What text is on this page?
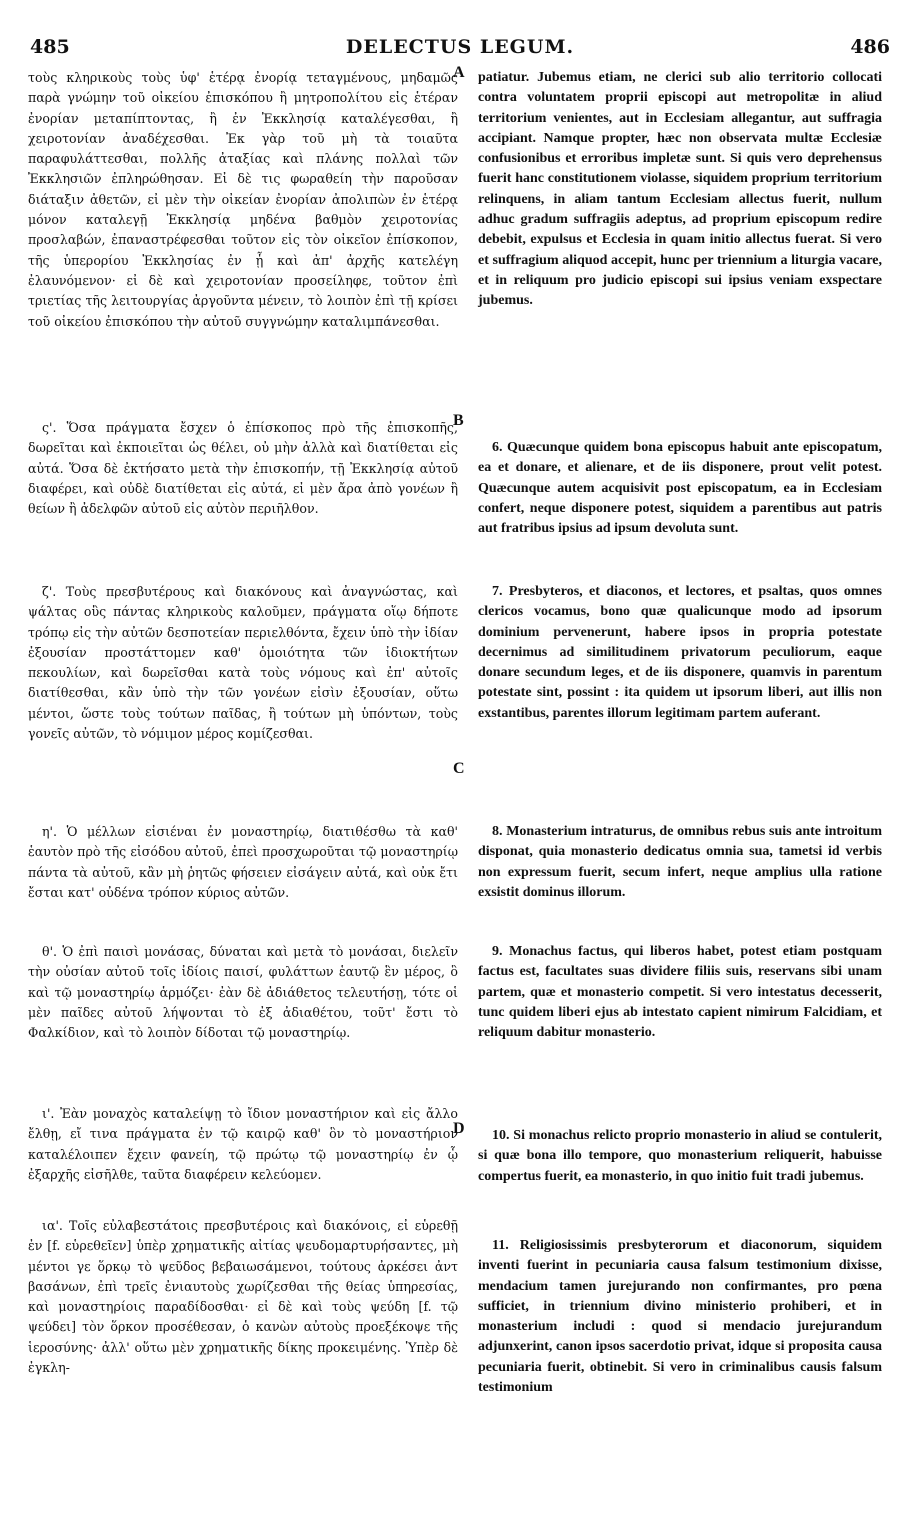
485	DELECTUS LEGUM.	486

τοὺς κληρικοὺς τοὺς ὑφ' ἑτέρᾳ ἐνορίᾳ τεταγμένους, μηδαμῶς παρὰ γνώμην τοῦ οἰκείου ἐπισκόπου ἢ μητροπολίτου εἰς ἑτέραν ἐνορίαν μεταπίπτοντας, ἢ ἐν Ἐκκλησίᾳ καταλέγεσθαι, ἢ χειροτονίαν ἀναδέχεσθαι. Ἐκ γὰρ τοῦ μὴ τὰ τοιαῦτα παραφυλάττεσθαι, πολλῆς ἀταξίας καὶ πλάνης πολλαὶ τῶν Ἐκκλησιῶν ἐπληρώθησαν. Εἰ δὲ τις φωραθείη τὴν παροῦσαν διάταξιν ἀθετῶν, εἰ μὲν τὴν οἰκείαν ἐνορίαν ἀπολιπὼν ἐν ἑτέρᾳ μόνον καταλεγῇ Ἐκκλησίᾳ μηδένα βαθμὸν χειροτονίας προσλαβών, ἐπαναστρέφεσθαι τοῦτον εἰς τὸν οἰκεῖον ἐπίσκοπον, τῆς ὑπερορίου Ἐκκλησίας ἐν ᾗ καὶ ἀπ' ἀρχῆς κατελέγη ἐλαυνόμενον· εἰ δὲ καὶ χειροτονίαν προσείληφε, τοῦτον ἐπὶ τριετίας τῆς λειτουργίας ἀργοῦντα μένειν, τὸ λοιπὸν ἐπὶ τῇ κρίσει τοῦ οἰκείου ἐπισκόπου τὴν αὐτοῦ συγγνώμην καταλιμπάνεσθαι.

ς'. Ὅσα πράγματα ἔσχεν ὁ ἐπίσκοπος πρὸ τῆς ἐπισκοπῆς, δωρεῖται καὶ ἐκποιεῖται ὡς θέλει, οὐ μὴν ἀλλὰ καὶ διατίθεται εἰς αὐτά. Ὅσα δὲ ἐκτήσατο μετὰ τὴν ἐπισκοπήν, τῇ Ἐκκλησίᾳ αὐτοῦ διαφέρει, καὶ οὐδὲ διατίθεται εἰς αὐτά, εἰ μὲν ἄρα ἀπὸ γονέων ἢ θείων ἢ ἀδελφῶν αὐτοῦ εἰς αὐτὸν περιῆλθον.

ζ'. Τοὺς πρεσβυτέρους καὶ διακόνους καὶ ἀναγνώστας, καὶ ψάλτας οὓς πάντας κληρικοὺς καλοῦμεν, πράγματα οἵῳ δήποτε τρόπῳ εἰς τὴν αὐτῶν δεσποτείαν περιελθόντα, ἔχειν ὑπὸ τὴν ἰδίαν ἐξουσίαν προστάττομεν καθ' ὁμοιότητα τῶν ἰδιοκτήτων πεκουλίων, καὶ δωρεῖσθαι κατὰ τοὺς νόμους καὶ ἐπ' αὐτοῖς διατίθεσθαι, κἂν ὑπὸ τὴν τῶν γονέων εἰσὶν ἐξουσίαν, οὕτω μέντοι, ὥστε τοὺς τούτων παῖδας, ἢ τούτων μὴ ὑπόντων, τοὺς γονεῖς αὐτῶν, τὸ νόμιμον μέρος κομίζεσθαι.

η'. Ὁ μέλλων εἰσιέναι ἐν μοναστηρίῳ, διατιθέσθω τὰ καθ' ἑαυτὸν πρὸ τῆς εἰσόδου αὐτοῦ, ἐπεὶ προσχωροῦται τῷ μοναστηρίῳ πάντα τὰ αὐτοῦ, κἂν μὴ ῥητῶς φήσειεν εἰσάγειν αὐτά, καὶ οὐκ ἔτι ἔσται κατ' οὐδένα τρόπον κύριος αὐτῶν.

θ'. Ὁ ἐπὶ παισὶ μονάσας, δύναται καὶ μετὰ τὸ μονάσαι, διελεῖν τὴν οὐσίαν αὐτοῦ τοῖς ἰδίοις παισί, φυλάττων ἑαυτῷ ἓν μέρος, ὃ καὶ τῷ μοναστηρίῳ ἁρμόζει· ἐὰν δὲ ἀδιάθετος τελευτήσῃ, τότε οἱ μὲν παῖδες αὐτοῦ λήψονται τὸ ἐξ ἀδιαθέτου, τοῦτ' ἔστι τὸ Φαλκίδιον, καὶ τὸ λοιπὸν δίδοται τῷ μοναστηρίῳ.

ι'. Ἐὰν μοναχὸς καταλείψῃ τὸ ἴδιον μοναστήριον καὶ εἰς ἄλλο ἔλθῃ, εἴ τινα πράγματα ἐν τῷ καιρῷ καθ' ὃν τὸ μοναστήριον καταλέλοιπεν ἔχειν φανείη, τῷ πρώτῳ τῷ μοναστηρίῳ ἐν ᾧ ἐξαρχῆς εἰσῆλθε, ταῦτα διαφέρειν κελεύομεν.

ια'. Τοῖς εὐλαβεστάτοις πρεσβυτέροις καὶ διακόνοις, εἰ εὑρεθῇ ἐν [f. εὑρεθεῖεν] ὑπὲρ χρηματικῆς αἰτίας ψευδομαρτυρήσαντες, μὴ μέντοι γε ὅρκῳ τὸ ψεῦδος βεβαιωσάμενοι, τούτους ἀρκέσει ἀντ βασάνων, ἐπὶ τρεῖς ἐνιαυτοὺς χωρίζεσθαι τῆς θείας ὑπηρεσίας, καὶ μοναστηρίοις παραδίδοσθαι· εἰ δὲ καὶ τοὺς ψεύδη [f. τῷ ψεύδει] τὸν ὅρκον προσέθεσαν, ὁ κανὼν αὐτοὺς προεξέκοψε τῆς ἱεροσύνης· ἀλλ' οὕτω μὲν χρηματικῆς δίκης προκειμένης. Ὑπὲρ δὲ ἐγκλη-

A
B
C
D

patiatur. Jubemus etiam, ne clerici sub alio territorio collocati contra voluntatem proprii episcopi aut metropolitæ in aliud territorium venientes, aut in Ecclesiam allegantur, aut suffragia accipiant. Namque propter, hæc non observata multæ Ecclesiæ confusionibus et erroribus impletæ sunt. Si quis vero deprehensus fuerit hanc constitutionem violasse, siquidem proprium territorium relinquens, in aliam tantum Ecclesiam allectus fuerit, nullum adhuc gradum suffragiis adeptus, ad proprium episcopum redire debebit, expulsus et Ecclesia in quam initio allectus fuerat. Si vero et suffragium aliquod accepit, hunc per triennium a liturgia vacare, et in reliquum pro judicio episcopi sui ipsius veniam exspectare jubemus.

6. Quæcunque quidem bona episcopus habuit ante episcopatum, ea et donare, et alienare, et de iis disponere, prout velit potest. Quæcunque autem acquisivit post episcopatum, ea in Ecclesiam confert, neque disponere potest, siquidem a parentibus aut patris aut fratribus ipsius ad ipsum devoluta sunt.

7. Presbyteros, et diaconos, et lectores, et psaltas, quos omnes clericos vocamus, bono quæ qualicunque modo ad ipsorum dominium pervenerunt, habere ipsos in propria potestate decernimus ad similitudinem privatorum peculiorum, eaque donare secundum leges, et de iis disponere, quamvis in parentum potestate sint, possint : ita quidem ut ipsorum liberi, aut illis non exstantibus, parentes illorum legitimam partem auferant.

8. Monasterium intraturus, de omnibus rebus suis ante introitum disponat, quia monasterio dedicatus omnia sua, tametsi id verbis non expressum fuerit, secum infert, neque amplius ulla ratione exsistit dominus illorum.

9. Monachus factus, qui liberos habet, potest etiam postquam factus est, facultates suas dividere filiis suis, reservans sibi unam partem, quæ et monasterio competit. Si vero intestatus decesserit, tunc quidem liberi ejus ab intestato capient nimirum Falcidiam, et reliquum dabitur monasterio.

10. Si monachus relicto proprio monasterio in aliud se contulerit, si quæ bona illo tempore, quo monasterium reliquerit, habuisse compertus fuerit, ea monasterio, in quo initio fuit tradi jubemus.

11. Religiosissimis presbyterorum et diaconorum, siquidem inventi fuerint in pecuniaria causa falsum testimonium dixisse, mendacium tamen jurejurando non confirmantes, pro pœna sufficiet, in triennium divino ministerio prohiberi, et in monasterium includi : quod si mendacio jurejurandum adjunxerint, canon ipsos sacerdotio privat, idque si proposita causa pecuniaria fuerit, obtinebit. Si vero in criminalibus causis falsum testimonium
